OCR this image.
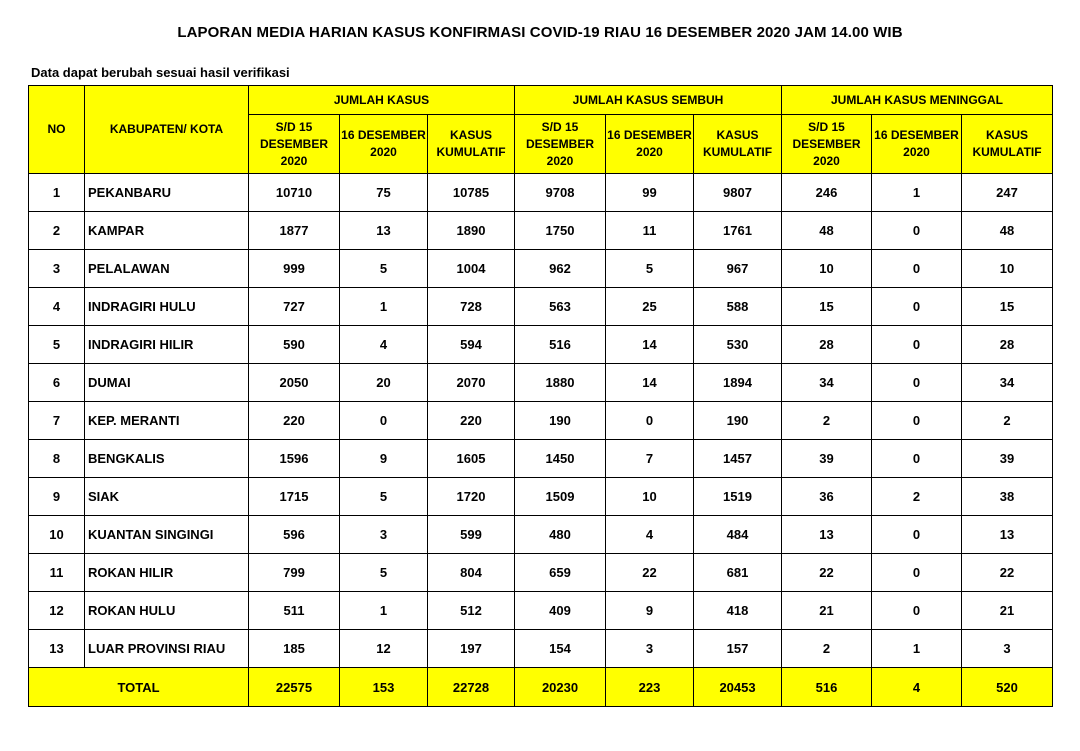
LAPORAN MEDIA HARIAN KASUS KONFIRMASI COVID-19 RIAU 16 DESEMBER 2020 JAM 14.00 WIB
Data dapat berubah sesuai hasil verifikasi
NO	KABUPATEN/ KOTA	JUMLAH KASUS			JUMLAH KASUS SEMBUH			JUMLAH KASUS MENINGGAL		
		S/D 15 DESEMBER 2020	16 DESEMBER 2020	KASUS KUMULATIF	S/D 15 DESEMBER 2020	16 DESEMBER 2020	KASUS KUMULATIF	S/D 15 DESEMBER 2020	16 DESEMBER 2020	KASUS KUMULATIF
1	PEKANBARU	10710	75	10785	9708	99	9807	246	1	247
2	KAMPAR	1877	13	1890	1750	11	1761	48	0	48
3	PELALAWAN	999	5	1004	962	5	967	10	0	10
4	INDRAGIRI HULU	727	1	728	563	25	588	15	0	15
5	INDRAGIRI HILIR	590	4	594	516	14	530	28	0	28
6	DUMAI	2050	20	2070	1880	14	1894	34	0	34
7	KEP. MERANTI	220	0	220	190	0	190	2	0	2
8	BENGKALIS	1596	9	1605	1450	7	1457	39	0	39
9	SIAK	1715	5	1720	1509	10	1519	36	2	38
10	KUANTAN SINGINGI	596	3	599	480	4	484	13	0	13
11	ROKAN HILIR	799	5	804	659	22	681	22	0	22
12	ROKAN HULU	511	1	512	409	9	418	21	0	21
13	LUAR PROVINSI RIAU	185	12	197	154	3	157	2	1	3
TOTAL		22575	153	22728	20230	223	20453	516	4	520
